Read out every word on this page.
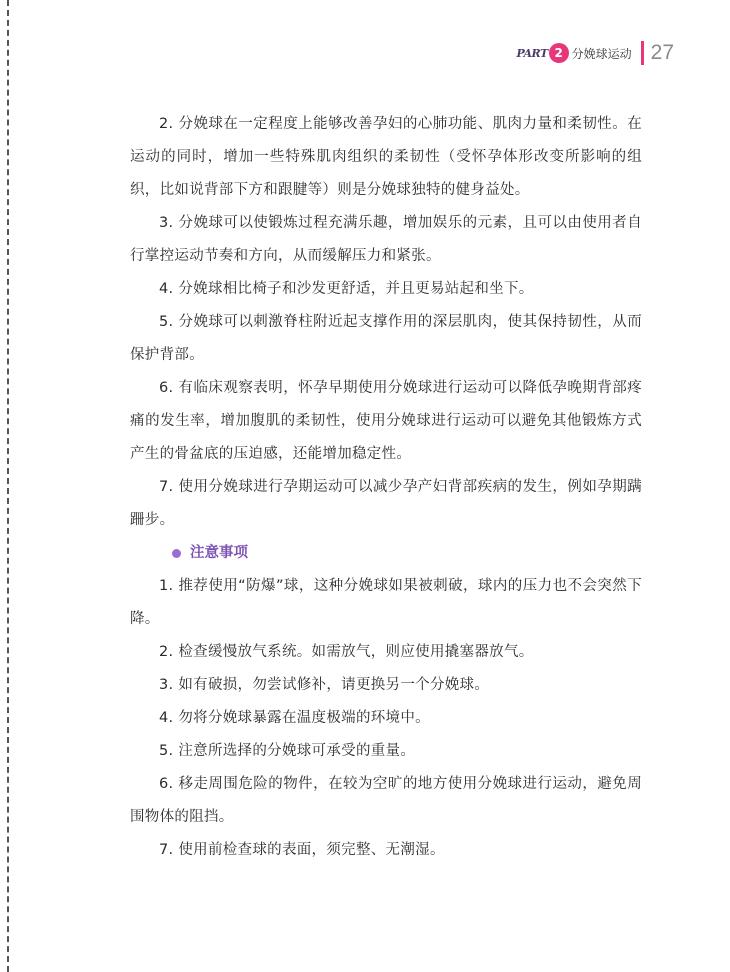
PART 2 分娩球运动 27

2. 分娩球在一定程度上能够改善孕妇的心肺功能、肌肉力量和柔韧性。在运动的同时，增加一些特殊肌肉组织的柔韧性（受怀孕体形改变所影响的组织，比如说背部下方和跟腱等）则是分娩球独特的健身益处。

3. 分娩球可以使锻炼过程充满乐趣，增加娱乐的元素，且可以由使用者自行掌控运动节奏和方向，从而缓解压力和紧张。

4. 分娩球相比椅子和沙发更舒适，并且更易站起和坐下。

5. 分娩球可以刺激脊柱附近起支撑作用的深层肌肉，使其保持韧性，从而保护背部。

6. 有临床观察表明，怀孕早期使用分娩球进行运动可以降低孕晚期背部疼痛的发生率，增加腹肌的柔韧性，使用分娩球进行运动可以避免其他锻炼方式产生的骨盆底的压迫感，还能增加稳定性。

7. 使用分娩球进行孕期运动可以减少孕产妇背部疾病的发生，例如孕期蹒跚步。

注意事项

1. 推荐使用“防爆”球，这种分娩球如果被刺破，球内的压力也不会突然下降。

2. 检查缓慢放气系统。如需放气，则应使用撬塞器放气。

3. 如有破损，勿尝试修补，请更换另一个分娩球。

4. 勿将分娩球暴露在温度极端的环境中。

5. 注意所选择的分娩球可承受的重量。

6. 移走周围危险的物件，在较为空旷的地方使用分娩球进行运动，避免周围物体的阻挡。

7. 使用前检查球的表面，须完整、无潮湿。
